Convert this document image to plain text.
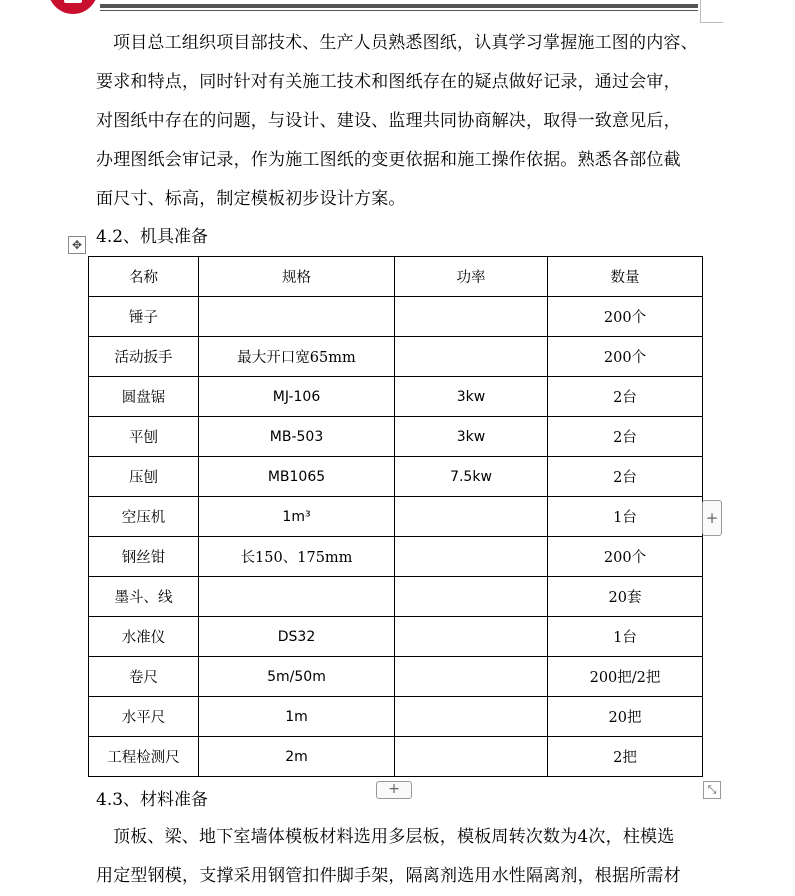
项目总工组织项目部技术、生产人员熟悉图纸，认真学习掌握施工图的内容、
要求和特点，同时针对有关施工技术和图纸存在的疑点做好记录，通过会审，
对图纸中存在的问题，与设计、建设、监理共同协商解决，取得一致意见后，
办理图纸会审记录，作为施工图纸的变更依据和施工操作依据。熟悉各部位截
面尺寸、标高，制定模板初步设计方案。
✥ 4.2、机具准备
名称	规格	功率	数量
锤子			200个
活动扳手	最大开口宽65mm		200个
圆盘锯	MJ-106	3kw	2台
平刨	MB-503	3kw	2台
压刨	MB1065	7.5kw	2台
空压机	1m³		1台
钢丝钳	长150、175mm		200个
墨斗、线			20套
水准仪	DS32		1台
卷尺	5m/50m		200把/2把
水平尺	1m		20把
工程检测尺	2m		2把
+
+	⤡
4.3、材料准备
顶板、梁、地下室墙体模板材料选用多层板，模板周转次数为4次，柱模选
用定型钢模，支撑采用钢管扣件脚手架，隔离剂选用水性隔离剂，根据所需材
